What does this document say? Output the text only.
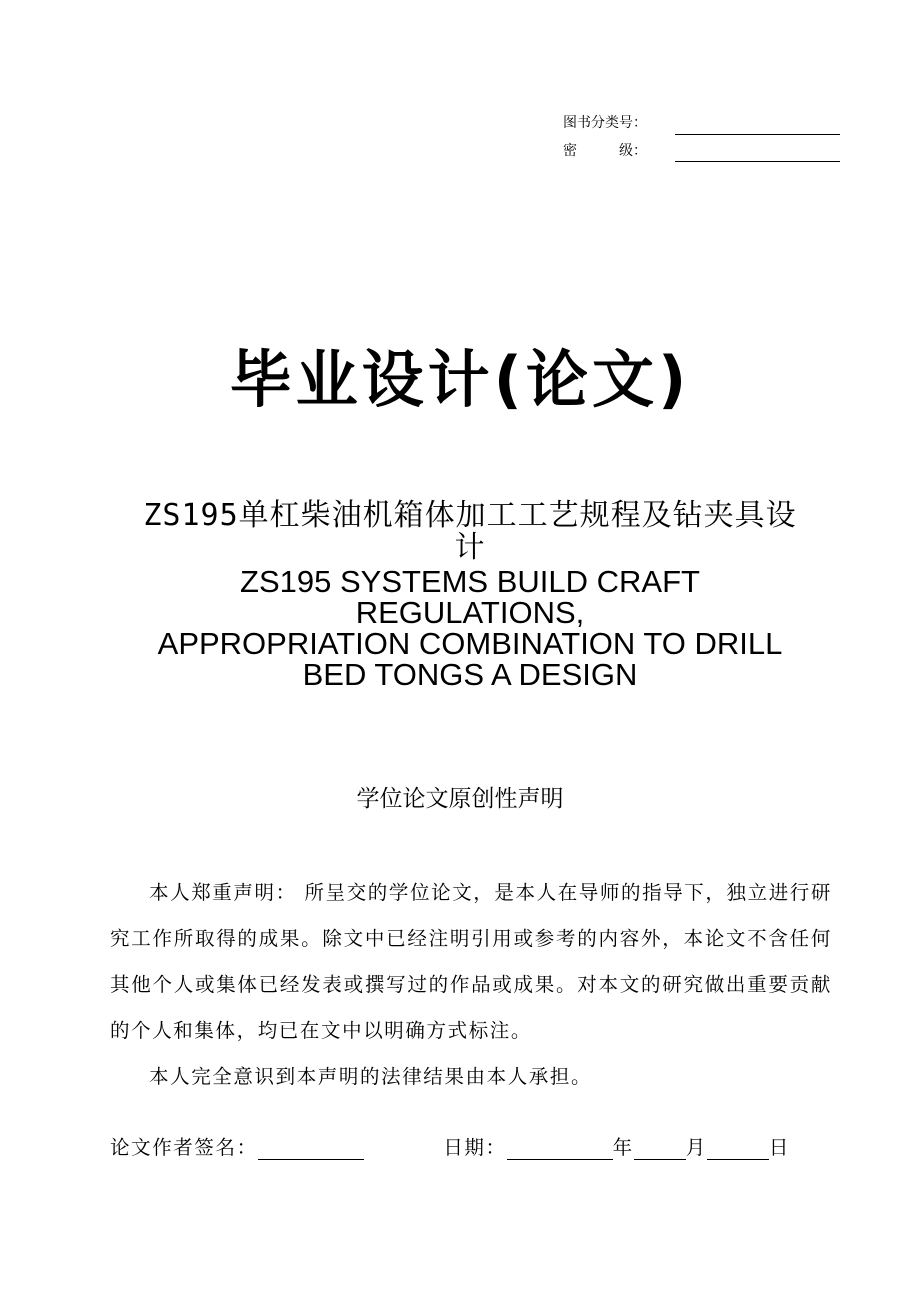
图书分类号：
密　　　级：
毕业设计(论文)
ZS195单杠柴油机箱体加工工艺规程及钻夹具设
计
ZS195 SYSTEMS BUILD CRAFT
REGULATIONS,
APPROPRIATION COMBINATION TO DRILL
BED TONGS A DESIGN
学位论文原创性声明

本人郑重声明： 所呈交的学位论文，是本人在导师的指导下，独立进行研究工作所取得的成果。除文中已经注明引用或参考的内容外，本论文不含任何其他个人或集体已经发表或撰写过的作品或成果。对本文的研究做出重要贡献的个人和集体，均已在文中以明确方式标注。

本人完全意识到本声明的法律结果由本人承担。

论文作者签名：	日期：	年	月	日
